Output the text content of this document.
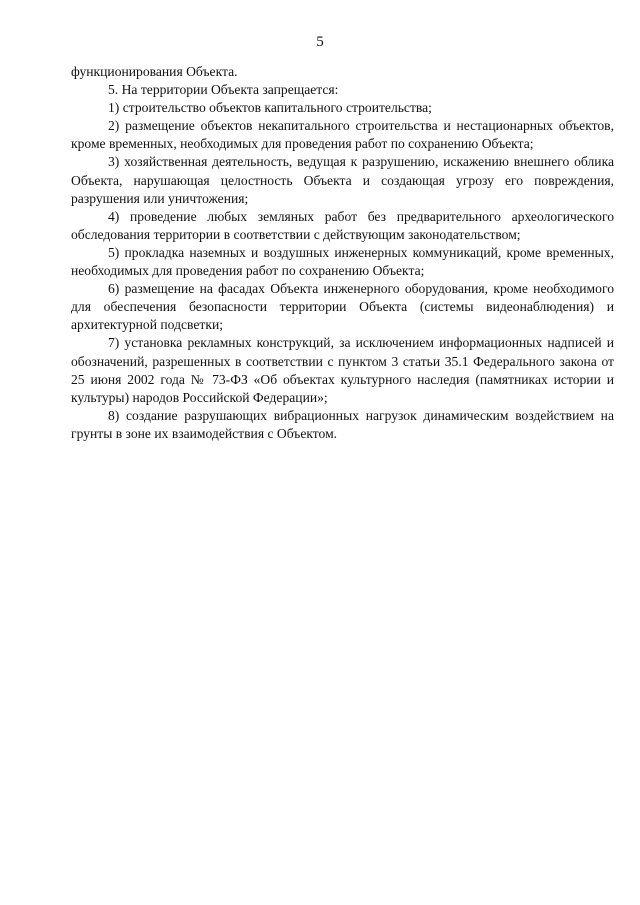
5

функционирования Объекта.

5. На территории Объекта запрещается:

1) строительство объектов капитального строительства;

2) размещение объектов некапитального строительства и нестационарных объектов, кроме временных, необходимых для проведения работ по сохранению Объекта;

3) хозяйственная деятельность, ведущая к разрушению, искажению внешнего облика Объекта, нарушающая целостность Объекта и создающая угрозу его повреждения, разрушения или уничтожения;

4) проведение любых земляных работ без предварительного археологического обследования территории в соответствии с действующим законодательством;

5) прокладка наземных и воздушных инженерных коммуникаций, кроме временных, необходимых для проведения работ по сохранению Объекта;

6) размещение на фасадах Объекта инженерного оборудования, кроме необходимого для обеспечения безопасности территории Объекта (системы видеонаблюдения) и архитектурной подсветки;

7) установка рекламных конструкций, за исключением информационных надписей и обозначений, разрешенных в соответствии с пунктом 3 статьи 35.1 Федерального закона от 25 июня 2002 года № 73-ФЗ «Об объектах культурного наследия (памятниках истории и культуры) народов Российской Федерации»;

8) создание разрушающих вибрационных нагрузок динамическим воздействием на грунты в зоне их взаимодействия с Объектом.
